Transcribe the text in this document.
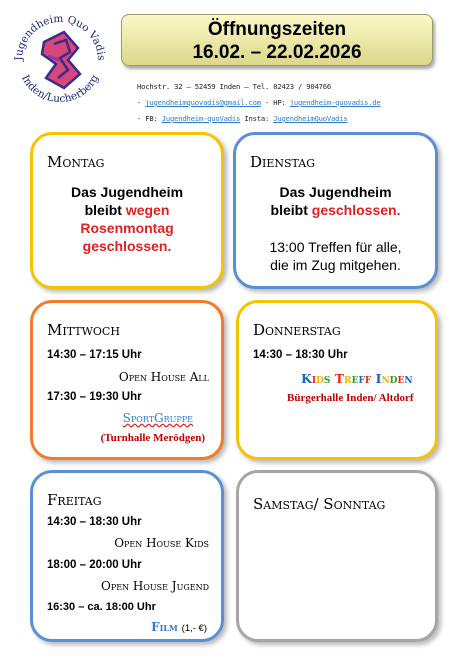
Jugendheim Quo Vadis
Inden/Lucherberg
Öffnungszeiten
16.02. – 22.02.2026
Hochstr. 32 – 52459 Inden – Tel. 02423 / 904766
- jugendheimquovadis@gmail.com - HP: jugendheim-quovadis.de
- FB: Jugendheim-quoVadis Insta: JugendheimQuoVadis
Montag
Das Jugendheim
bleibt wegen
Rosenmontag
geschlossen.
Dienstag
Das Jugendheim
bleibt geschlossen.
13:00 Treffen für alle,
die im Zug mitgehen.
Mittwoch
14:30 – 17:15 Uhr
Open House All
17:30 – 19:30 Uhr
SportGruppe
(Turnhalle Merödgen)
Donnerstag
14:30 – 18:30 Uhr
Kids Treff Inden
Bürgerhalle Inden/ Altdorf
Freitag
14:30 – 18:30 Uhr
Open House Kids
18:00 – 20:00 Uhr
Open House Jugend
16:30 – ca. 18:00 Uhr
Film (1,- €)
Samstag/ Sonntag
